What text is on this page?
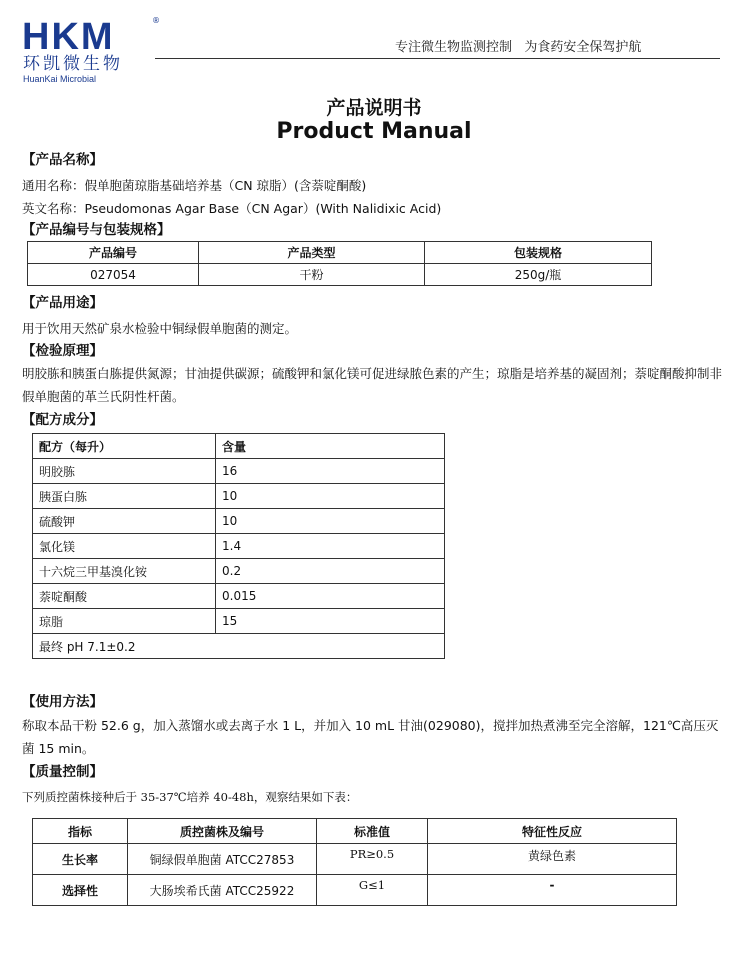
HKM	®
环凯微生物
HuanKai Microbial
专注微生物监测控制   为食药安全保驾护航
产品说明书
Product Manual
【产品名称】
通用名称：假单胞菌琼脂基础培养基（CN 琼脂）(含萘啶酮酸)
英文名称：Pseudomonas Agar Base（CN Agar）(With Nalidixic Acid)
【产品编号与包装规格】
产品编号	产品类型	包装规格
027054	干粉	250g/瓶
【产品用途】
用于饮用天然矿泉水检验中铜绿假单胞菌的测定。
【检验原理】
明胶胨和胰蛋白胨提供氮源；甘油提供碳源；硫酸钾和氯化镁可促进绿脓色素的产生；琼脂是培养基的凝固剂；萘啶酮酸抑制非假单胞菌的革兰氏阴性杆菌。
【配方成分】
配方（每升）	含量
明胶胨	16
胰蛋白胨	10
硫酸钾	10
氯化镁	1.4
十六烷三甲基溴化铵	0.2
萘啶酮酸	0.015
琼脂	15
最终 pH 7.1±0.2	
【使用方法】
称取本品干粉 52.6 g，加入蒸馏水或去离子水 1 L，并加入 10 mL 甘油(029080)，搅拌加热煮沸至完全溶解，121℃高压灭菌 15 min。
【质量控制】
下列质控菌株接种后于 35-37℃培养 40-48h，观察结果如下表：
指标	质控菌株及编号	标准值	特征性反应
生长率	铜绿假单胞菌 ATCC27853	PR≥0.5	黄绿色素
选择性	大肠埃希氏菌 ATCC25922	G≤1	-
